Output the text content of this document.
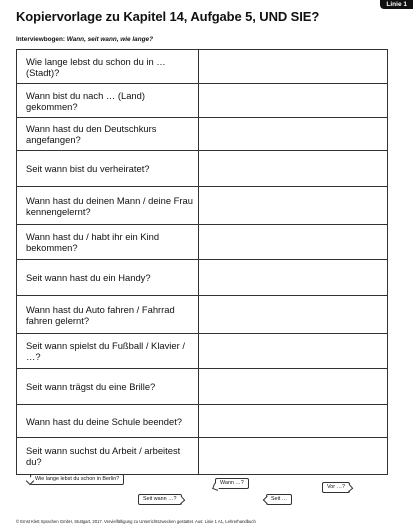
Linie 1
Kopiervorlage zu Kapitel 14, Aufgabe 5, UND SIE?
Interviewbogen: Wann, seit wann, wie lange?
Wie lange lebst du schon du in … (Stadt)?	
Wann bist du nach … (Land) gekommen?	
Wann hast du den Deutschkurs angefangen?	
Seit wann bist du verheiratet?	
Wann hast du deinen Mann / deine Frau kennengelernt?	
Wann hast du / habt ihr ein Kind bekommen?	
Seit wann hast du ein Handy?	
Wann hast du Auto fahren / Fahrrad fahren gelernt?	
Seit wann spielst du Fußball / Klavier / …?	
Seit wann trägst du eine Brille?	
Wann hast du deine Schule beendet?	
Seit wann suchst du Arbeit / arbeitest du?	
Wie lange lebst du schon in Berlin?
Wann …?
Vor …?
Seit wann …?	Seit …
© Ernst Klett Sprachen GmbH, Stuttgart, 2017. Vervielfältigung zu Unterrichtszwecken gestattet. Aus: Linie 1 A1, Lehrerhandbuch
